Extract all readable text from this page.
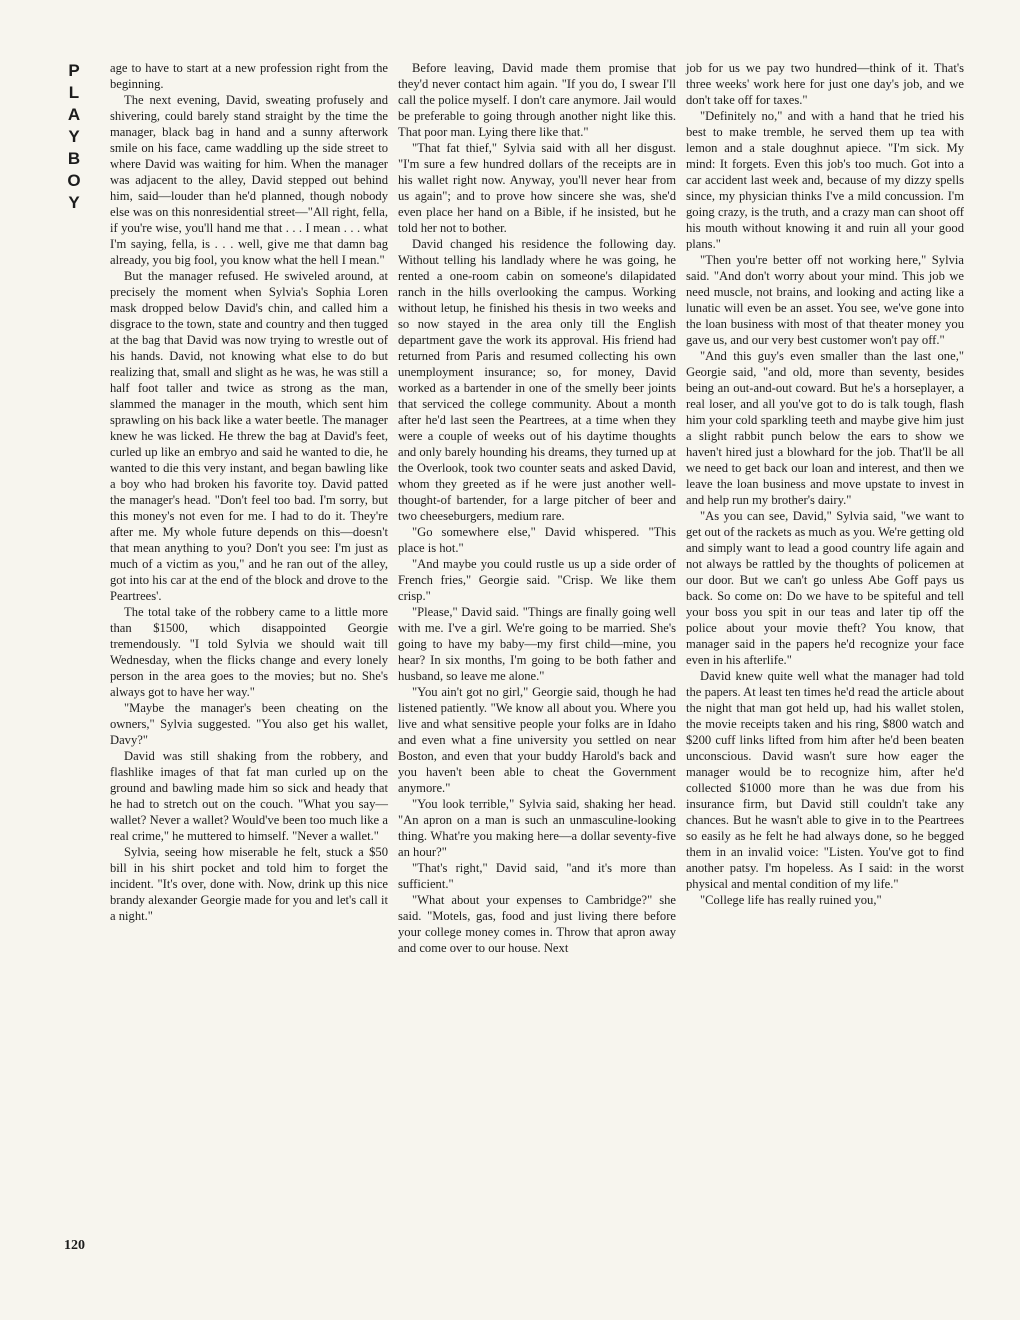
P
L
A
Y
B
O
Y

age to have to start at a new profession right from the beginning.

The next evening, David, sweating profusely and shivering, could barely stand straight by the time the manager, black bag in hand and a sunny afterwork smile on his face, came waddling up the side street to where David was waiting for him. When the manager was adjacent to the alley, David stepped out behind him, said—louder than he'd planned, though nobody else was on this nonresidential street—"All right, fella, if you're wise, you'll hand me that . . . I mean . . . what I'm saying, fella, is . . . well, give me that damn bag already, you big fool, you know what the hell I mean."

But the manager refused. He swiveled around, at precisely the moment when Sylvia's Sophia Loren mask dropped below David's chin, and called him a disgrace to the town, state and country and then tugged at the bag that David was now trying to wrestle out of his hands. David, not knowing what else to do but realizing that, small and slight as he was, he was still a half foot taller and twice as strong as the man, slammed the manager in the mouth, which sent him sprawling on his back like a water beetle. The manager knew he was licked. He threw the bag at David's feet, curled up like an embryo and said he wanted to die, he wanted to die this very instant, and began bawling like a boy who had broken his favorite toy. David patted the manager's head. "Don't feel too bad. I'm sorry, but this money's not even for me. I had to do it. They're after me. My whole future depends on this—doesn't that mean anything to you? Don't you see: I'm just as much of a victim as you," and he ran out of the alley, got into his car at the end of the block and drove to the Peartrees'.

The total take of the robbery came to a little more than $1500, which disappointed Georgie tremendously. "I told Sylvia we should wait till Wednesday, when the flicks change and every lonely person in the area goes to the movies; but no. She's always got to have her way."

"Maybe the manager's been cheating on the owners," Sylvia suggested. "You also get his wallet, Davy?"

David was still shaking from the robbery, and flashlike images of that fat man curled up on the ground and bawling made him so sick and heady that he had to stretch out on the couch. "What you say—wallet? Never a wallet? Would've been too much like a real crime," he muttered to himself. "Never a wallet."

Sylvia, seeing how miserable he felt, stuck a $50 bill in his shirt pocket and told him to forget the incident. "It's over, done with. Now, drink up this nice brandy alexander Georgie made for you and let's call it a night."

Before leaving, David made them promise that they'd never contact him again. "If you do, I swear I'll call the police myself. I don't care anymore. Jail would be preferable to going through another night like this. That poor man. Lying there like that."

"That fat thief," Sylvia said with all her disgust. "I'm sure a few hundred dollars of the receipts are in his wallet right now. Anyway, you'll never hear from us again"; and to prove how sincere she was, she'd even place her hand on a Bible, if he insisted, but he told her not to bother.

David changed his residence the following day. Without telling his landlady where he was going, he rented a one-room cabin on someone's dilapidated ranch in the hills overlooking the campus. Working without letup, he finished his thesis in two weeks and so now stayed in the area only till the English department gave the work its approval. His friend had returned from Paris and resumed collecting his own unemployment insurance; so, for money, David worked as a bartender in one of the smelly beer joints that serviced the college community. About a month after he'd last seen the Peartrees, at a time when they were a couple of weeks out of his daytime thoughts and only barely hounding his dreams, they turned up at the Overlook, took two counter seats and asked David, whom they greeted as if he were just another well-thought-of bartender, for a large pitcher of beer and two cheeseburgers, medium rare.

"Go somewhere else," David whispered. "This place is hot."

"And maybe you could rustle us up a side order of French fries," Georgie said. "Crisp. We like them crisp."

"Please," David said. "Things are finally going well with me. I've a girl. We're going to be married. She's going to have my baby—my first child—mine, you hear? In six months, I'm going to be both father and husband, so leave me alone."

"You ain't got no girl," Georgie said, though he had listened patiently. "We know all about you. Where you live and what sensitive people your folks are in Idaho and even what a fine university you settled on near Boston, and even that your buddy Harold's back and you haven't been able to cheat the Government anymore."

"You look terrible," Sylvia said, shaking her head. "An apron on a man is such an unmasculine-looking thing. What're you making here—a dollar seventy-five an hour?"

"That's right," David said, "and it's more than sufficient."

"What about your expenses to Cambridge?" she said. "Motels, gas, food and just living there before your college money comes in. Throw that apron away and come over to our house. Next

job for us we pay two hundred—think of it. That's three weeks' work here for just one day's job, and we don't take off for taxes."

"Definitely no," and with a hand that he tried his best to make tremble, he served them up tea with lemon and a stale doughnut apiece. "I'm sick. My mind: It forgets. Even this job's too much. Got into a car accident last week and, because of my dizzy spells since, my physician thinks I've a mild concussion. I'm going crazy, is the truth, and a crazy man can shoot off his mouth without knowing it and ruin all your good plans."

"Then you're better off not working here," Sylvia said. "And don't worry about your mind. This job we need muscle, not brains, and looking and acting like a lunatic will even be an asset. You see, we've gone into the loan business with most of that theater money you gave us, and our very best customer won't pay off."

"And this guy's even smaller than the last one," Georgie said, "and old, more than seventy, besides being an out-and-out coward. But he's a horseplayer, a real loser, and all you've got to do is talk tough, flash him your cold sparkling teeth and maybe give him just a slight rabbit punch below the ears to show we haven't hired just a blowhard for the job. That'll be all we need to get back our loan and interest, and then we leave the loan business and move upstate to invest in and help run my brother's dairy."

"As you can see, David," Sylvia said, "we want to get out of the rackets as much as you. We're getting old and simply want to lead a good country life again and not always be rattled by the thoughts of policemen at our door. But we can't go unless Abe Goff pays us back. So come on: Do we have to be spiteful and tell your boss you spit in our teas and later tip off the police about your movie theft? You know, that manager said in the papers he'd recognize your face even in his afterlife."

David knew quite well what the manager had told the papers. At least ten times he'd read the article about the night that man got held up, had his wallet stolen, the movie receipts taken and his ring, $800 watch and $200 cuff links lifted from him after he'd been beaten unconscious. David wasn't sure how eager the manager would be to recognize him, after he'd collected $1000 more than he was due from his insurance firm, but David still couldn't take any chances. But he wasn't able to give in to the Peartrees so easily as he felt he had always done, so he begged them in an invalid voice: "Listen. You've got to find another patsy. I'm hopeless. As I said: in the worst physical and mental condition of my life."

"College life has really ruined you,"

120
